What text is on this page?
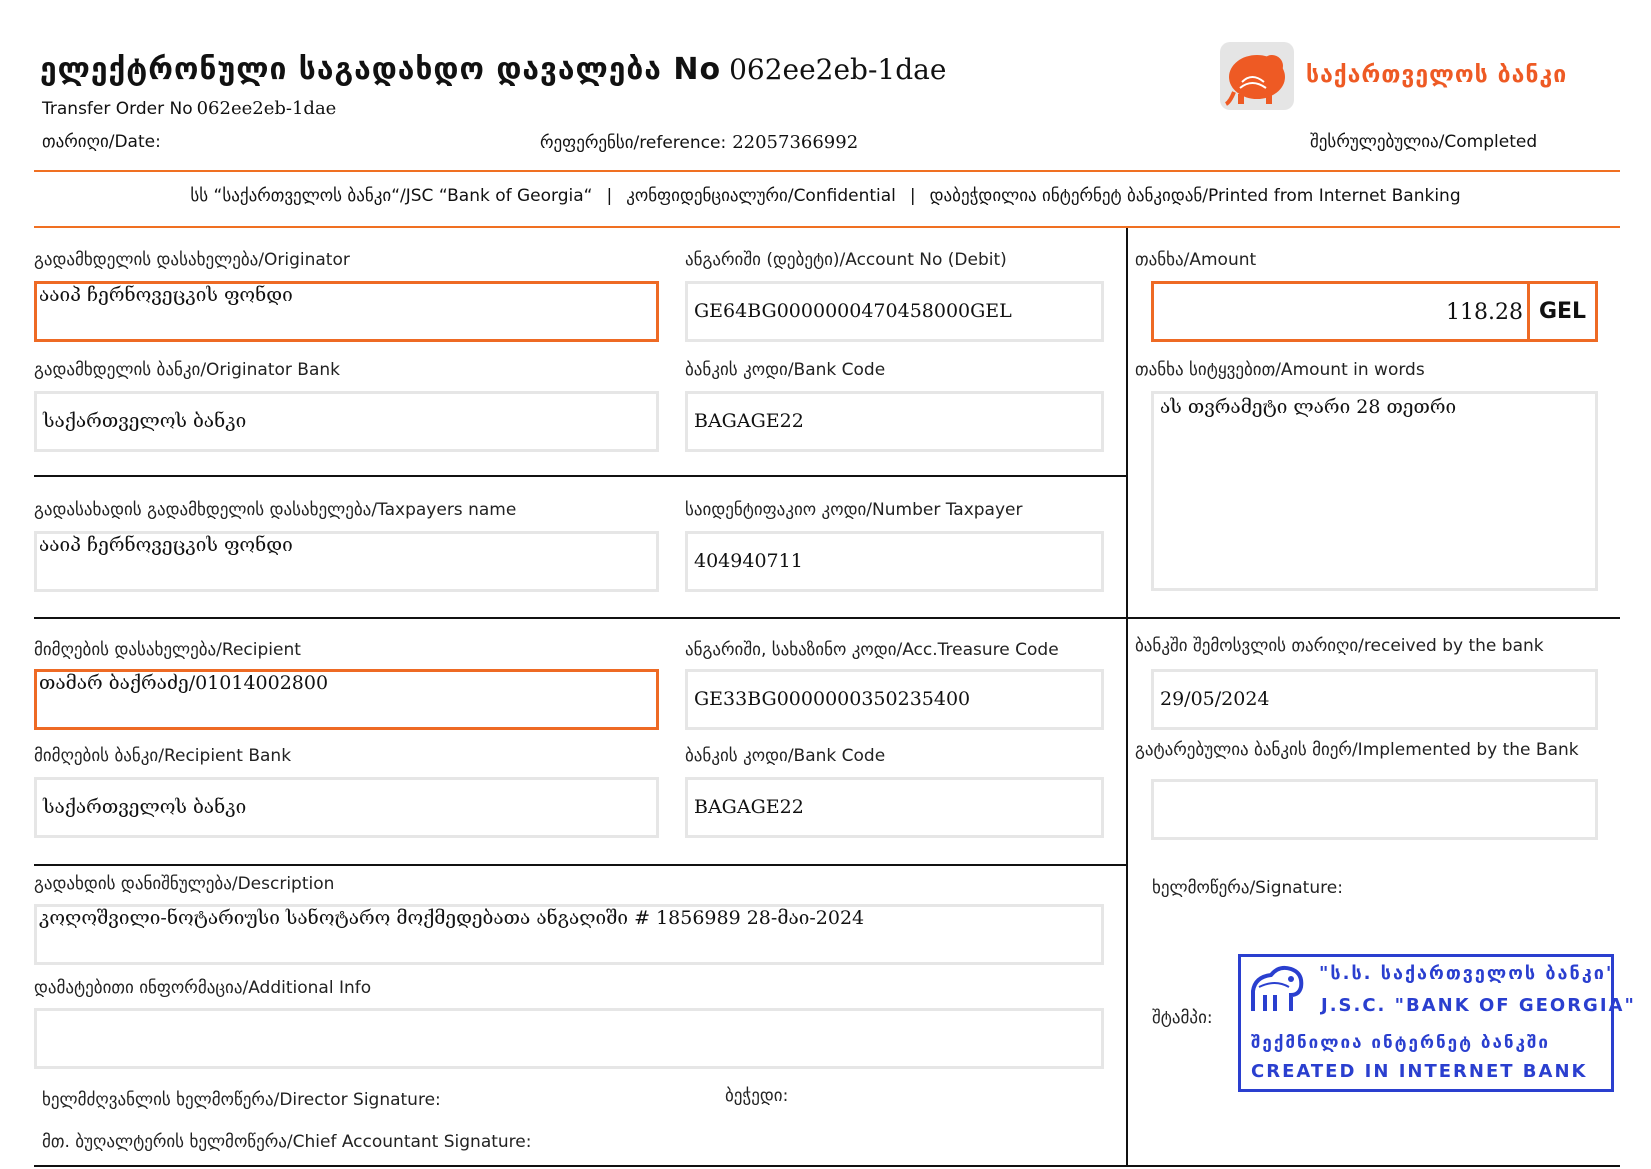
ელექტრონული საგადახდო დავალება No 062ee2eb-1dae
Transfer Order No 062ee2eb-1dae
თარიღი/Date:	რეფერენსი/reference: 22057366992	შესრულებულია/Completed
საქართველოს ბანკი
სს “საქართველოს ბანკი“/JSC “Bank of Georgia“ | კონფიდენციალური/Confidential | დაბეჭდილია ინტერნეტ ბანკიდან/Printed from Internet Banking
გადამხდელის დასახელება/Originator
ააიპ ჩერნოვეცკის ფონდი
ანგარიში (დებეტი)/Account No (Debit)
GE64BG0000000470458000GEL
თანხა/Amount
118.28 GEL
გადამხდელის ბანკი/Originator Bank
საქართველოს ბანკი
ბანკის კოდი/Bank Code
BAGAGE22
თანხა სიტყვებით/Amount in words
ას თვრამეტი ლარი 28 თეთრი
გადასახადის გადამხდელის დასახელება/Taxpayers name
ააიპ ჩერნოვეცკის ფონდი
საიდენტიფაკიო კოდი/Number Taxpayer
404940711
მიმღების დასახელება/Recipient
თამარ ბაქრაძე/01014002800
ანგარიში, სახაზინო კოდი/Acc.Treasure Code
GE33BG0000000350235400
ბანკში შემოსვლის თარიღი/received by the bank
29/05/2024
მიმღების ბანკი/Recipient Bank
საქართველოს ბანკი
ბანკის კოდი/Bank Code
BAGAGE22
გატარებულია ბანკის მიერ/Implemented by the Bank
გადახდის დანიშნულება/Description
კოღოშვილი-ნოტარიუსი სანოტარო მოქმედებათა ანგაღიში # 1856989 28-მაი-2024
ხელმოწერა/Signature:
დამატებითი ინფორმაცია/Additional Info
შტამპი:
"ს.ს. საქართველოს ბანკი"
J.S.C. "BANK OF GEORGIA"
შექმნილია ინტერნეტ ბანკში
CREATED IN INTERNET BANK
ხელმძღვანლის ხელმოწერა/Director Signature:	ბეჭედი:
მთ. ბუღალტერის ხელმოწერა/Chief Accountant Signature:
